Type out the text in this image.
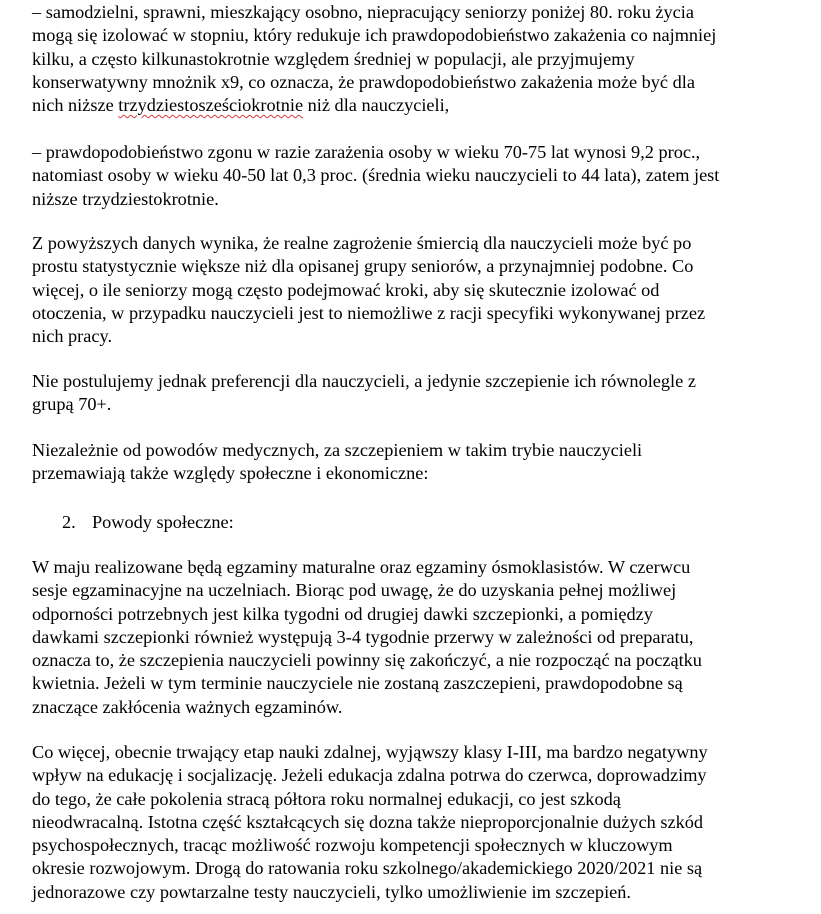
– samodzielni, sprawni, mieszkający osobno, niepracujący seniorzy poniżej 80. roku życia
mogą się izolować w stopniu, który redukuje ich prawdopodobieństwo zakażenia co najmniej
kilku, a często kilkunastokrotnie względem średniej w populacji, ale przyjmujemy
konserwatywny mnożnik x9, co oznacza, że prawdopodobieństwo zakażenia może być dla
nich niższe trzydziestosześciokrotnie niż dla nauczycieli,
– prawdopodobieństwo zgonu w razie zarażenia osoby w wieku 70-75 lat wynosi 9,2 proc.,
natomiast osoby w wieku 40-50 lat 0,3 proc. (średnia wieku nauczycieli to 44 lata), zatem jest
niższe trzydziestokrotnie.
Z powyższych danych wynika, że realne zagrożenie śmiercią dla nauczycieli może być po
prostu statystycznie większe niż dla opisanej grupy seniorów, a przynajmniej podobne. Co
więcej, o ile seniorzy mogą często podejmować kroki, aby się skutecznie izolować od
otoczenia, w przypadku nauczycieli jest to niemożliwe z racji specyfiki wykonywanej przez
nich pracy.
Nie postulujemy jednak preferencji dla nauczycieli, a jedynie szczepienie ich równolegle z
grupą 70+.
Niezależnie od powodów medycznych, za szczepieniem w takim trybie nauczycieli
przemawiają także względy społeczne i ekonomiczne:
2. Powody społeczne:
W maju realizowane będą egzaminy maturalne oraz egzaminy ósmoklasistów. W czerwcu
sesje egzaminacyjne na uczelniach. Biorąc pod uwagę, że do uzyskania pełnej możliwej
odporności potrzebnych jest kilka tygodni od drugiej dawki szczepionki, a pomiędzy
dawkami szczepionki również występują 3-4 tygodnie przerwy w zależności od preparatu,
oznacza to, że szczepienia nauczycieli powinny się zakończyć, a nie rozpocząć na początku
kwietnia. Jeżeli w tym terminie nauczyciele nie zostaną zaszczepieni, prawdopodobne są
znaczące zakłócenia ważnych egzaminów.
Co więcej, obecnie trwający etap nauki zdalnej, wyjąwszy klasy I-III, ma bardzo negatywny
wpływ na edukację i socjalizację. Jeżeli edukacja zdalna potrwa do czerwca, doprowadzimy
do tego, że całe pokolenia stracą półtora roku normalnej edukacji, co jest szkodą
nieodwracalną. Istotna część kształcących się dozna także nieproporcjonalnie dużych szkód
psychospołecznych, tracąc możliwość rozwoju kompetencji społecznych w kluczowym
okresie rozwojowym. Drogą do ratowania roku szkolnego/akademickiego 2020/2021 nie są
jednorazowe czy powtarzalne testy nauczycieli, tylko umożliwienie im szczepień.
